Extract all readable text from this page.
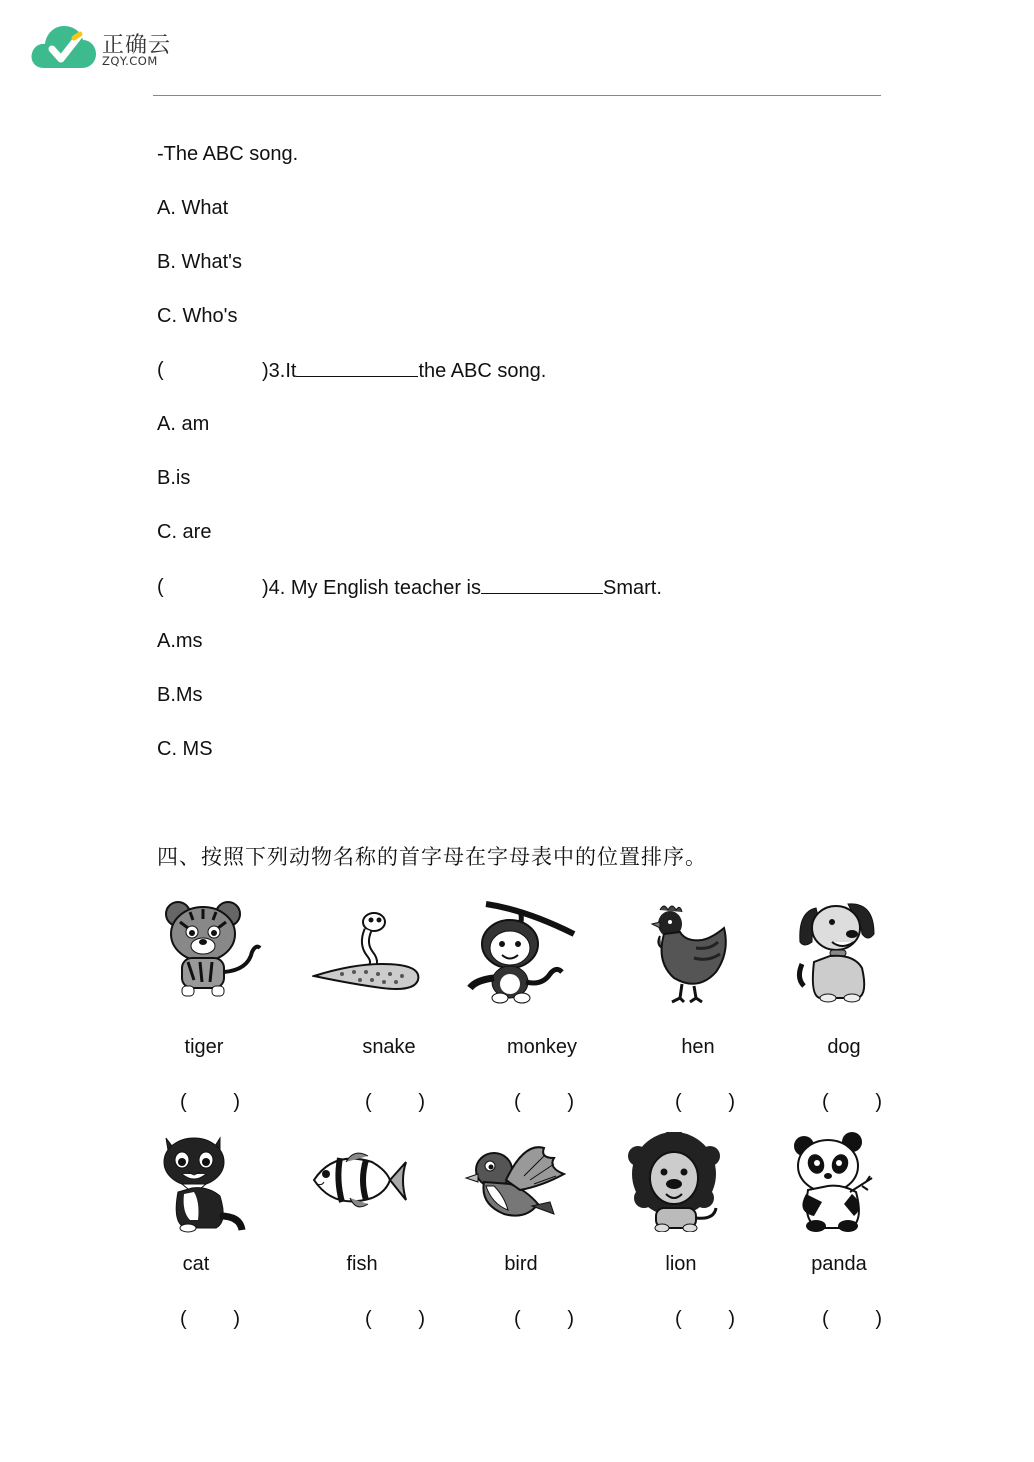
正确云
ZQY.COM
-The ABC song.
A. What
B. What's
C. Who's
(	)3.It	the ABC song.
A. am
B.is
C. are
(	)4. My English teacher is	Smart.
A.ms
B.Ms
C. MS
四、按照下列动物名称的首字母在字母表中的位置排序。
tiger	snake	monkey	hen	dog
( )	( )	( )	( )	( )
cat	fish	bird	lion	panda
( )	( )	( )	( )	( )
